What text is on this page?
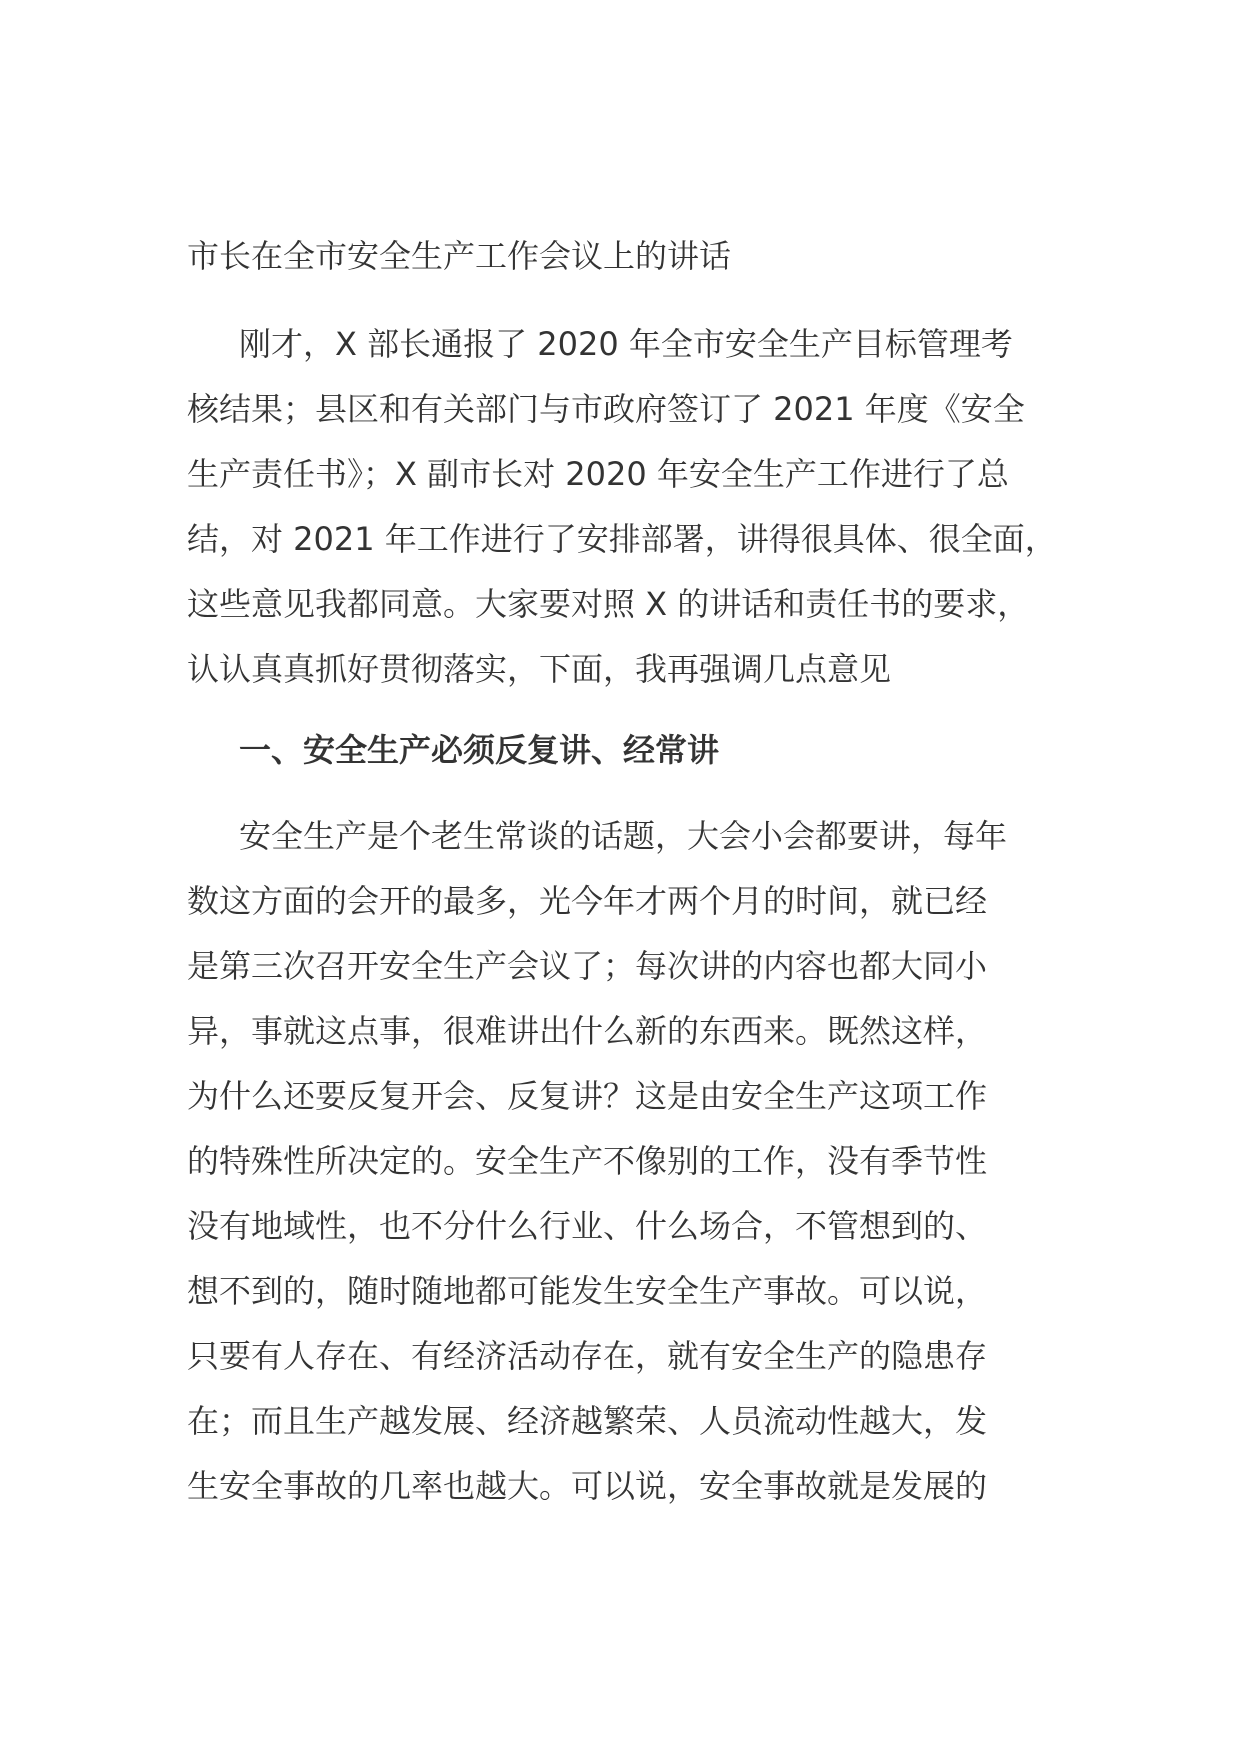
市长在全市安全生产工作会议上的讲话
刚才，X 部长通报了 2020 年全市安全生产目标管理考
核结果；县区和有关部门与市政府签订了 2021 年度《安全
生产责任书》；X 副市长对 2020 年安全生产工作进行了总
结，对 2021 年工作进行了安排部署，讲得很具体、很全面，
这些意见我都同意。大家要对照 X 的讲话和责任书的要求，
认认真真抓好贯彻落实，下面，我再强调几点意见
一、安全生产必须反复讲、经常讲
安全生产是个老生常谈的话题，大会小会都要讲，每年
数这方面的会开的最多，光今年才两个月的时间，就已经
是第三次召开安全生产会议了；每次讲的内容也都大同小
异，事就这点事，很难讲出什么新的东西来。既然这样，
为什么还要反复开会、反复讲？这是由安全生产这项工作
的特殊性所决定的。安全生产不像别的工作，没有季节性
没有地域性，也不分什么行业、什么场合，不管想到的、
想不到的，随时随地都可能发生安全生产事故。可以说，
只要有人存在、有经济活动存在，就有安全生产的隐患存
在；而且生产越发展、经济越繁荣、人员流动性越大，发
生安全事故的几率也越大。可以说，安全事故就是发展的
